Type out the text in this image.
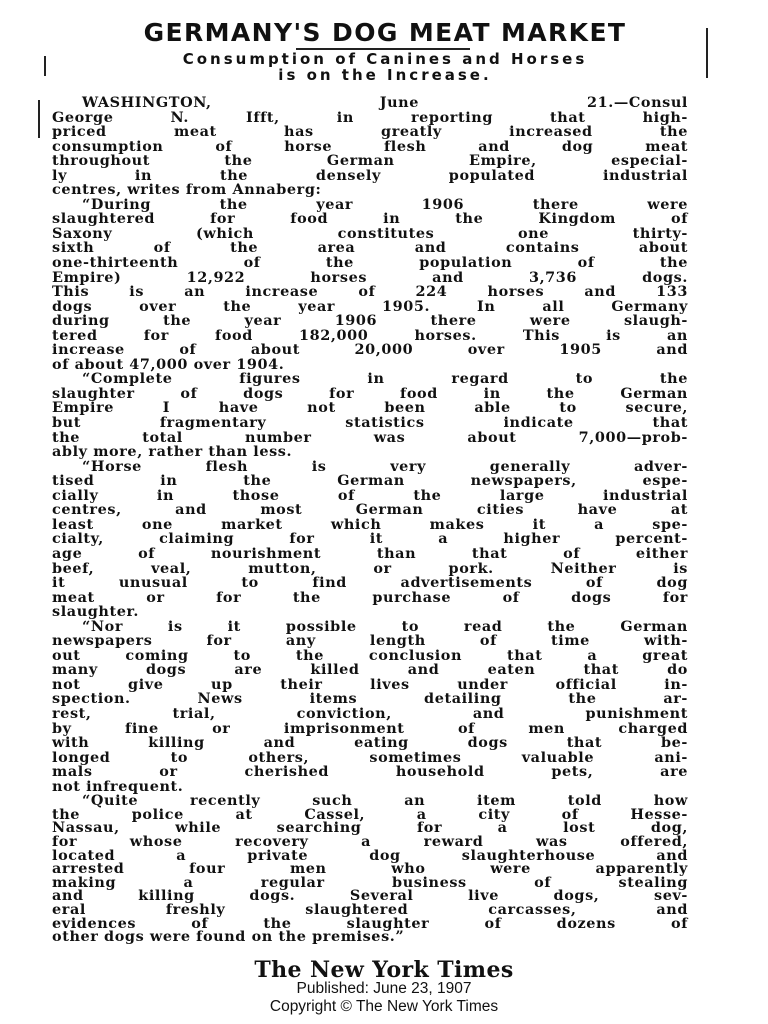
GERMANY'S DOG MEAT MARKET
Consumption of Canines and Horses
is on the Increase.
WASHINGTON, June 21.—Consul
George N. Ifft, in reporting that high-
priced meat has greatly increased the
consumption of horse flesh and dog meat
throughout the German Empire, especial-
ly in the densely populated industrial
centres, writes from Annaberg:
“During the year 1906 there were
slaughtered for food in the Kingdom of
Saxony (which constitutes one thirty-
sixth of the area and contains about
one-thirteenth of the population of the
Empire) 12,922 horses and 3,736 dogs.
This is an increase of 224 horses and 133
dogs over the year 1905. In all Germany
during the year 1906 there were slaugh-
tered for food 182,000 horses. This is an
increase of about 20,000 over 1905 and
of about 47,000 over 1904.
“Complete figures in regard to the
slaughter of dogs for food in the German
Empire I have not been able to secure,
but fragmentary statistics indicate that
the total number was about 7,000—prob-
ably more, rather than less.
“Horse flesh is very generally adver-
tised in the German newspapers, espe-
cially in those of the large industrial
centres, and most German cities have at
least one market which makes it a spe-
cialty, claiming for it a higher percent-
age of nourishment than that of either
beef, veal, mutton, or pork. Neither is
it unusual to find advertisements of dog
meat or for the purchase of dogs for
slaughter.
“Nor is it possible to read the German
newspapers for any length of time with-
out coming to the conclusion that a great
many dogs are killed and eaten that do
not give up their lives under official in-
spection. News items detailing the ar-
rest, trial, conviction, and punishment
by fine or imprisonment of men charged
with killing and eating dogs that be-
longed to others, sometimes valuable ani-
mals or cherished household pets, are
not infrequent.
“Quite recently such an item told how
the police at Cassel, a city of Hesse-
Nassau, while searching for a lost dog,
for whose recovery a reward was offered,
located a private dog slaughterhouse and
arrested four men who were apparently
making a regular business of stealing
and killing dogs. Several live dogs, sev-
eral freshly slaughtered carcasses, and
evidences of the slaughter of dozens of
other dogs were found on the premises.”
The New York Times
Published: June 23, 1907
Copyright © The New York Times
